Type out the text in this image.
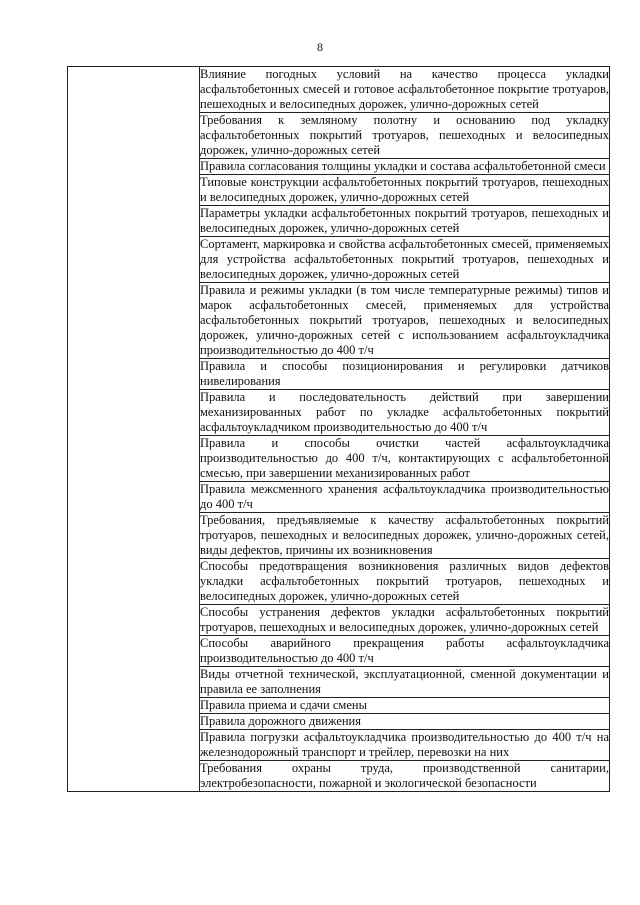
8
	Влияние погодных условий на качество процесса укладки асфальтобетонных смесей и готовое асфальтобетонное покрытие тротуаров, пешеходных и велосипедных дорожек, улично-дорожных сетей
Требования к земляному полотну и основанию под укладку асфальтобетонных покрытий тротуаров, пешеходных и велосипедных дорожек, улично-дорожных сетей
Правила согласования толщины укладки и состава асфальтобетонной смеси
Типовые конструкции асфальтобетонных покрытий тротуаров, пешеходных и велосипедных дорожек, улично-дорожных сетей
Параметры укладки асфальтобетонных покрытий тротуаров, пешеходных и велосипедных дорожек, улично-дорожных сетей
Сортамент, маркировка и свойства асфальтобетонных смесей, применяемых для устройства асфальтобетонных покрытий тротуаров, пешеходных и велосипедных дорожек, улично-дорожных сетей
Правила и режимы укладки (в том числе температурные режимы) типов и марок асфальтобетонных смесей, применяемых для устройства асфальтобетонных покрытий тротуаров, пешеходных и велосипедных дорожек, улично-дорожных сетей с использованием асфальтоукладчика производительностью до 400 т/ч
Правила и способы позиционирования и регулировки датчиков нивелирования
Правила и последовательность действий при завершении механизированных работ по укладке асфальтобетонных покрытий асфальтоукладчиком производительностью до 400 т/ч
Правила и способы очистки частей асфальтоукладчика производительностью до 400 т/ч, контактирующих с асфальтобетонной смесью, при завершении механизированных работ
Правила межсменного хранения асфальтоукладчика производительностью до 400 т/ч
Требования, предъявляемые к качеству асфальтобетонных покрытий тротуаров, пешеходных и велосипедных дорожек, улично-дорожных сетей, виды дефектов, причины их возникновения
Способы предотвращения возникновения различных видов дефектов укладки асфальтобетонных покрытий тротуаров, пешеходных и велосипедных дорожек, улично-дорожных сетей
Способы устранения дефектов укладки асфальтобетонных покрытий тротуаров, пешеходных и велосипедных дорожек, улично-дорожных сетей
Способы аварийного прекращения работы асфальтоукладчика производительностью до 400 т/ч
Виды отчетной технической, эксплуатационной, сменной документации и правила ее заполнения
Правила приема и сдачи смены
Правила дорожного движения
Правила погрузки асфальтоукладчика производительностью до 400 т/ч на железнодорожный транспорт и трейлер, перевозки на них
Требования охраны труда, производственной санитарии, электробезопасности, пожарной и экологической безопасности
